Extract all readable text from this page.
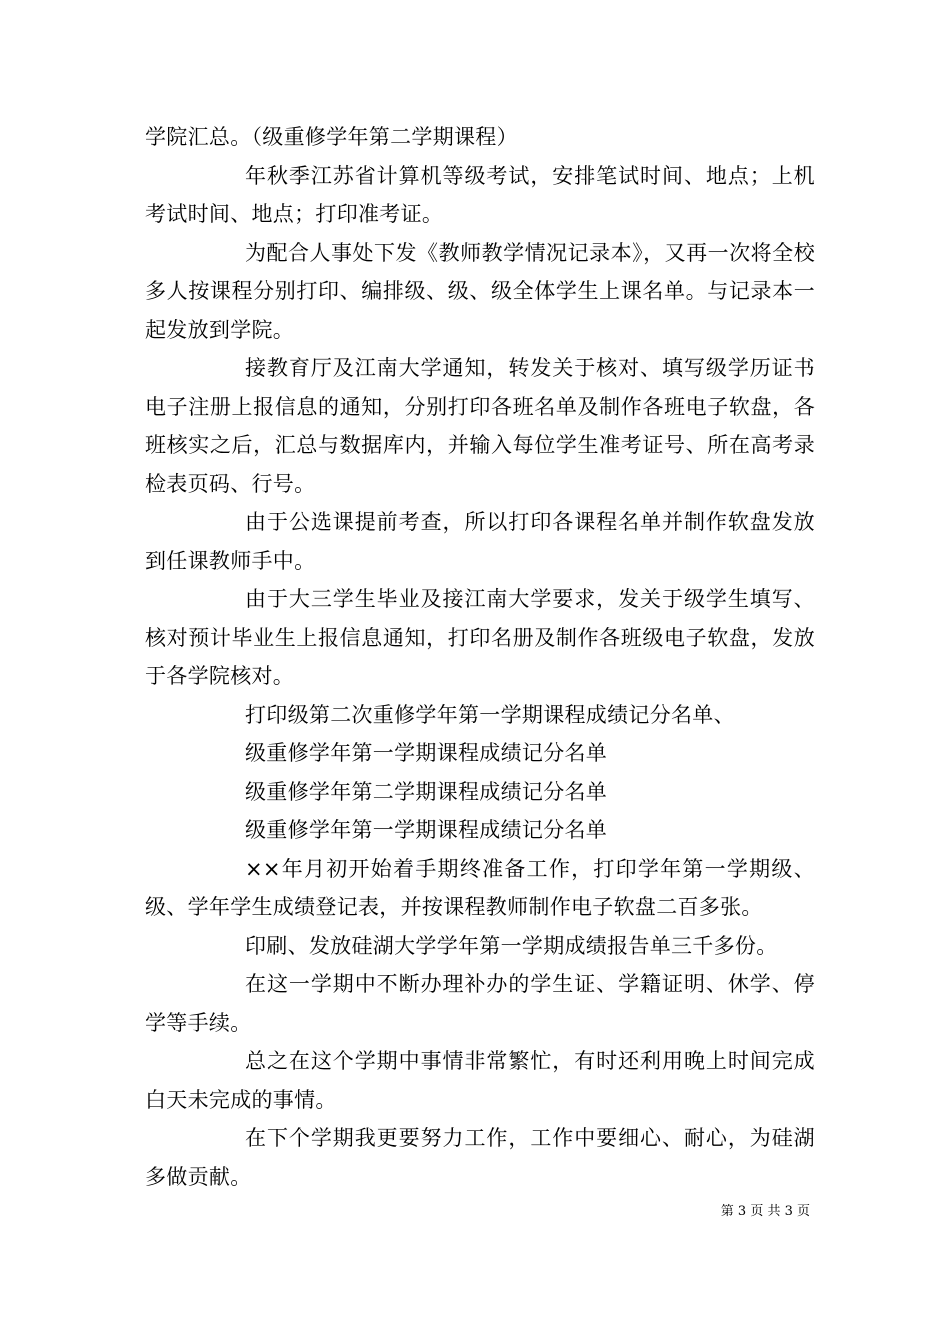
学院汇总。（级重修学年第二学期课程）

年秋季江苏省计算机等级考试，安排笔试时间、地点；上机考试时间、地点；打印准考证。

为配合人事处下发《教师教学情况记录本》，又再一次将全校多人按课程分别打印、编排级、级、级全体学生上课名单。与记录本一起发放到学院。

接教育厅及江南大学通知，转发关于核对、填写级学历证书电子注册上报信息的通知，分别打印各班名单及制作各班电子软盘，各班核实之后，汇总与数据库内，并输入每位学生准考证号、所在高考录检表页码、行号。

由于公选课提前考查，所以打印各课程名单并制作软盘发放到任课教师手中。

由于大三学生毕业及接江南大学要求，发关于级学生填写、核对预计毕业生上报信息通知，打印名册及制作各班级电子软盘，发放于各学院核对。

打印级第二次重修学年第一学期课程成绩记分名单、

级重修学年第一学期课程成绩记分名单

级重修学年第二学期课程成绩记分名单

级重修学年第一学期课程成绩记分名单

××年月初开始着手期终准备工作，打印学年第一学期级、级、学年学生成绩登记表，并按课程教师制作电子软盘二百多张。

印刷、发放硅湖大学学年第一学期成绩报告单三千多份。

在这一学期中不断办理补办的学生证、学籍证明、休学、停学等手续。

总之在这个学期中事情非常繁忙，有时还利用晚上时间完成白天未完成的事情。

在下个学期我更要努力工作，工作中要细心、耐心，为硅湖多做贡献。

第 3 页 共 3 页
